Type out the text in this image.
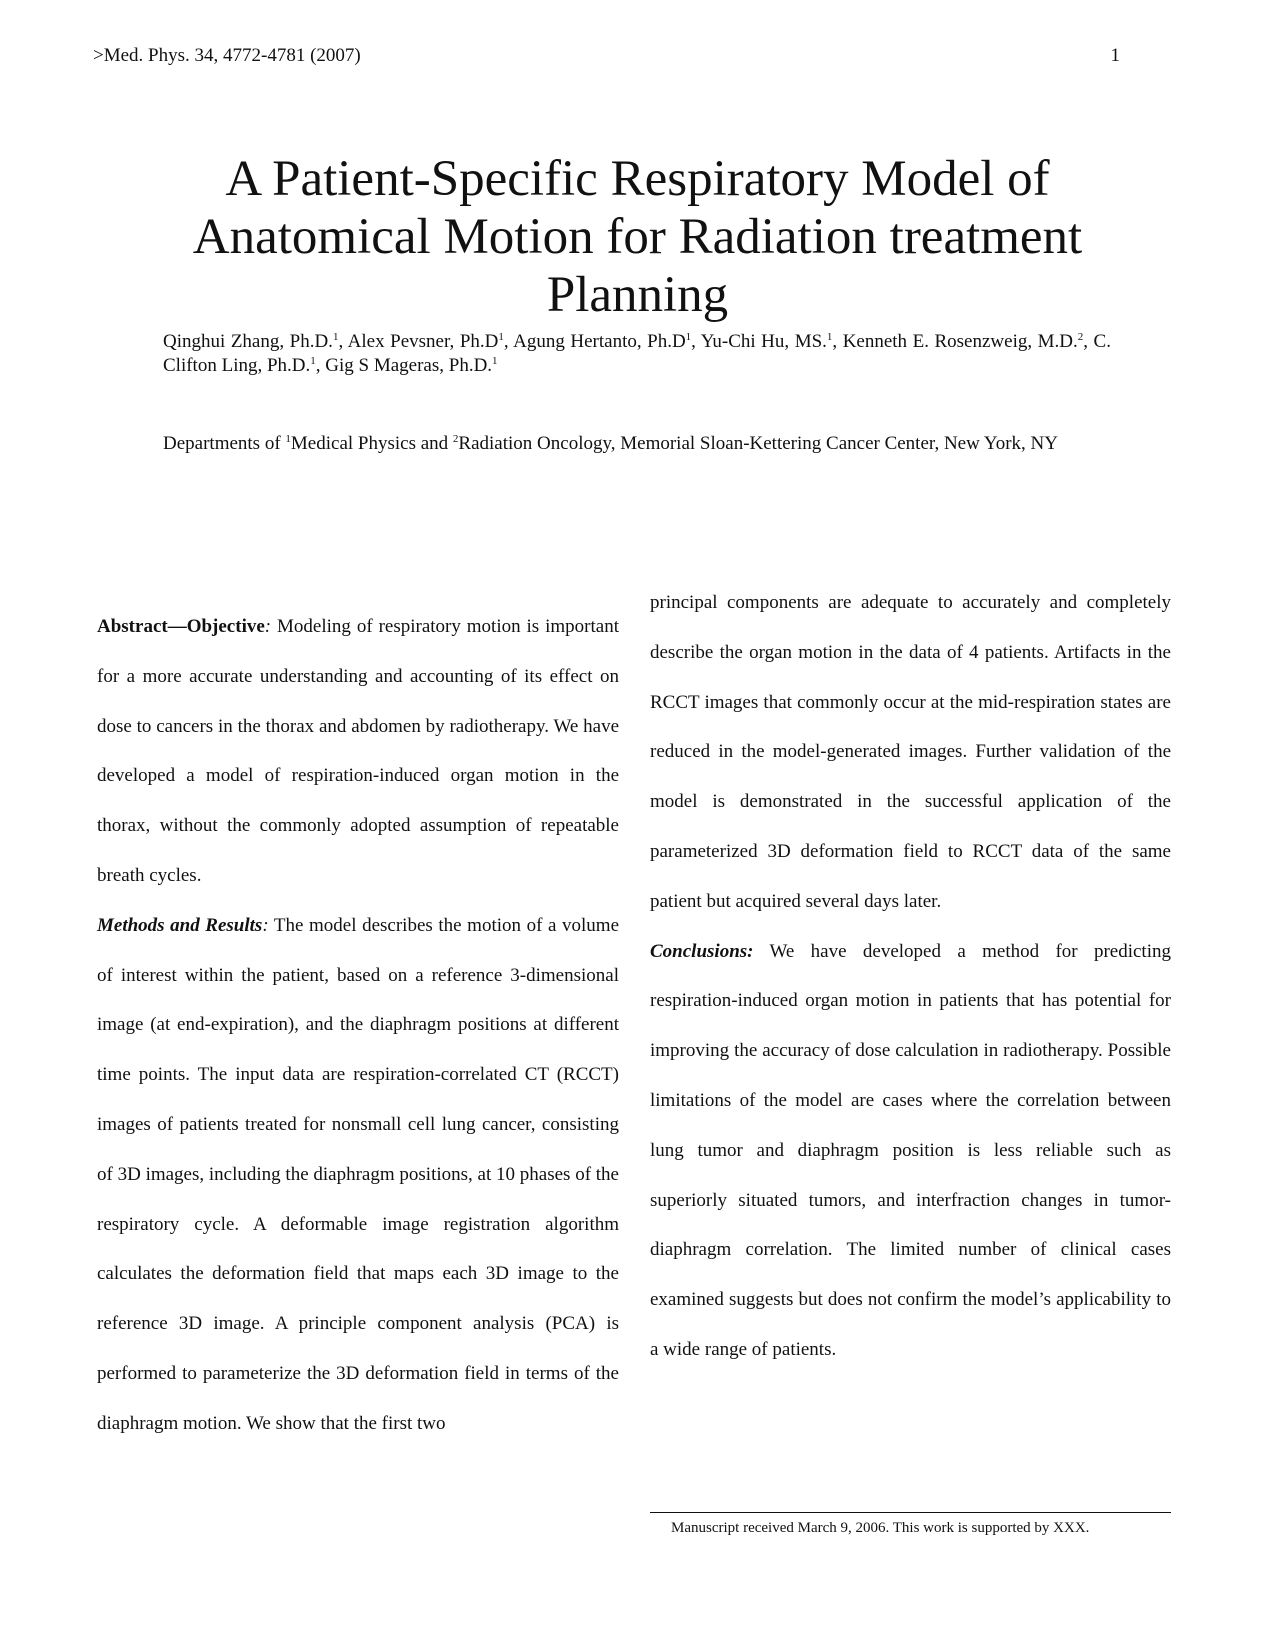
>Med. Phys. 34, 4772-4781 (2007)	1
A Patient-Specific Respiratory Model of Anatomical Motion for Radiation treatment Planning
Qinghui Zhang, Ph.D.$^1$, Alex Pevsner, $Ph.D^1$, Agung Hertanto, $Ph.D^1$, Yu-Chi Hu, MS.$^1$, Kenneth E. Rosenzweig, M.D.$^2$, C. Clifton Ling, Ph.D.$^1$, Gig S Mageras, Ph.D.$^1$
Departments of $^1$Medical Physics and $^2$Radiation Oncology, Memorial Sloan-Kettering Cancer Center, New York, NY

Abstract—Objective: Modeling of respiratory motion is important for a more accurate understanding and accounting of its effect on dose to cancers in the thorax and abdomen by radiotherapy. We have developed a model of respiration-induced organ motion in the thorax, without the commonly adopted assumption of repeatable breath cycles.

Methods and Results: The model describes the motion of a volume of interest within the patient, based on a reference 3-dimensional image (at end-expiration), and the diaphragm positions at different time points. The input data are respiration-correlated CT (RCCT) images of patients treated for nonsmall cell lung cancer, consisting of 3D images, including the diaphragm positions, at 10 phases of the respiratory cycle. A deformable image registration algorithm calculates the deformation field that maps each 3D image to the reference 3D image. A principle component analysis (PCA) is performed to parameterize the 3D deformation field in terms of the diaphragm motion. We show that the first two

principal components are adequate to accurately and completely describe the organ motion in the data of 4 patients. Artifacts in the RCCT images that commonly occur at the mid-respiration states are reduced in the model-generated images. Further validation of the model is demonstrated in the successful application of the parameterized 3D deformation field to RCCT data of the same patient but acquired several days later.

Conclusions: We have developed a method for predicting respiration-induced organ motion in patients that has potential for improving the accuracy of dose calculation in radiotherapy. Possible limitations of the model are cases where the correlation between lung tumor and diaphragm position is less reliable such as superiorly situated tumors, and interfraction changes in tumor-diaphragm correlation. The limited number of clinical cases examined suggests but does not confirm the model’s applicability to a wide range of patients.

Manuscript received March 9, 2006. This work is supported by XXX.
